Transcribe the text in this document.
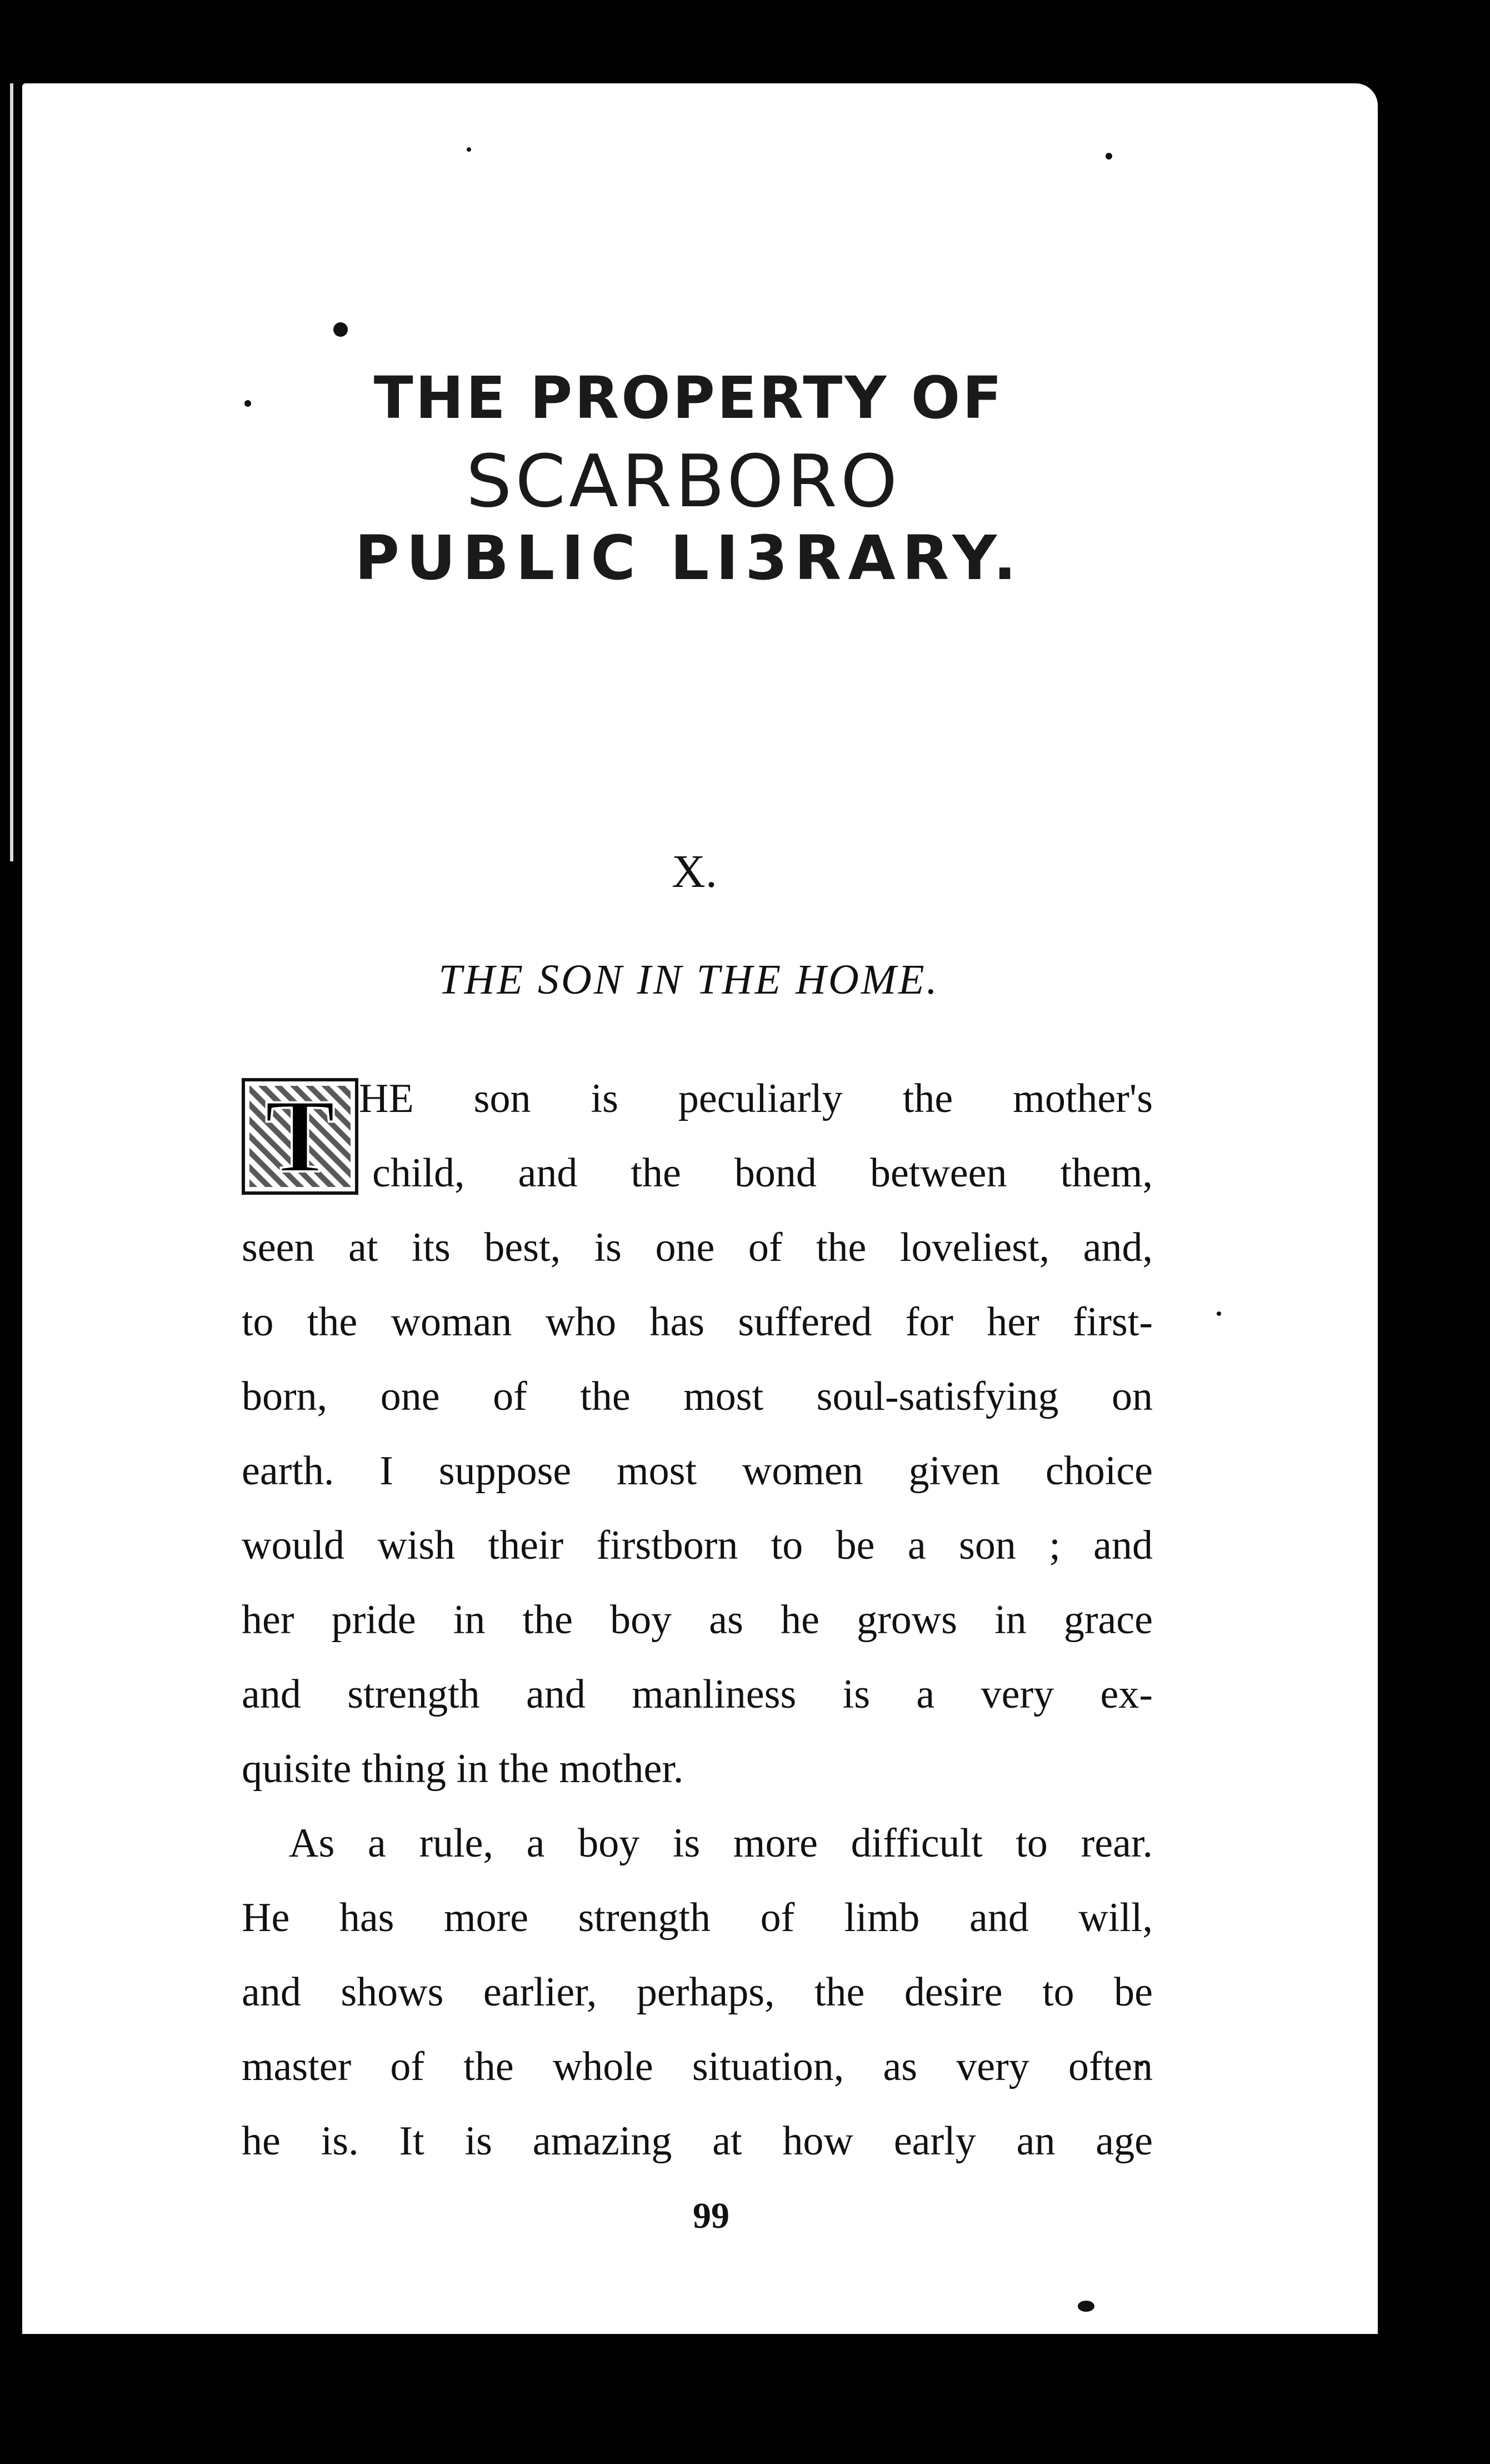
THE PROPERTY OF
SCARBORO
PUBLIC LI3RARY.
X.
THE SON IN THE HOME.
T HE son is peculiarly the mother's
child, and the bond between them,
seen at its best, is one of the loveliest, and,
to the woman who has suffered for her first-
born, one of the most soul-satisfying on
earth. I suppose most women given choice
would wish their firstborn to be a son ; and
her pride in the boy as he grows in grace
and strength and manliness is a very ex-
quisite thing in the mother.
As a rule, a boy is more difficult to rear.
He has more strength of limb and will,
and shows earlier, perhaps, the desire to be
master of the whole situation, as very often
he is. It is amazing at how early an age
99
